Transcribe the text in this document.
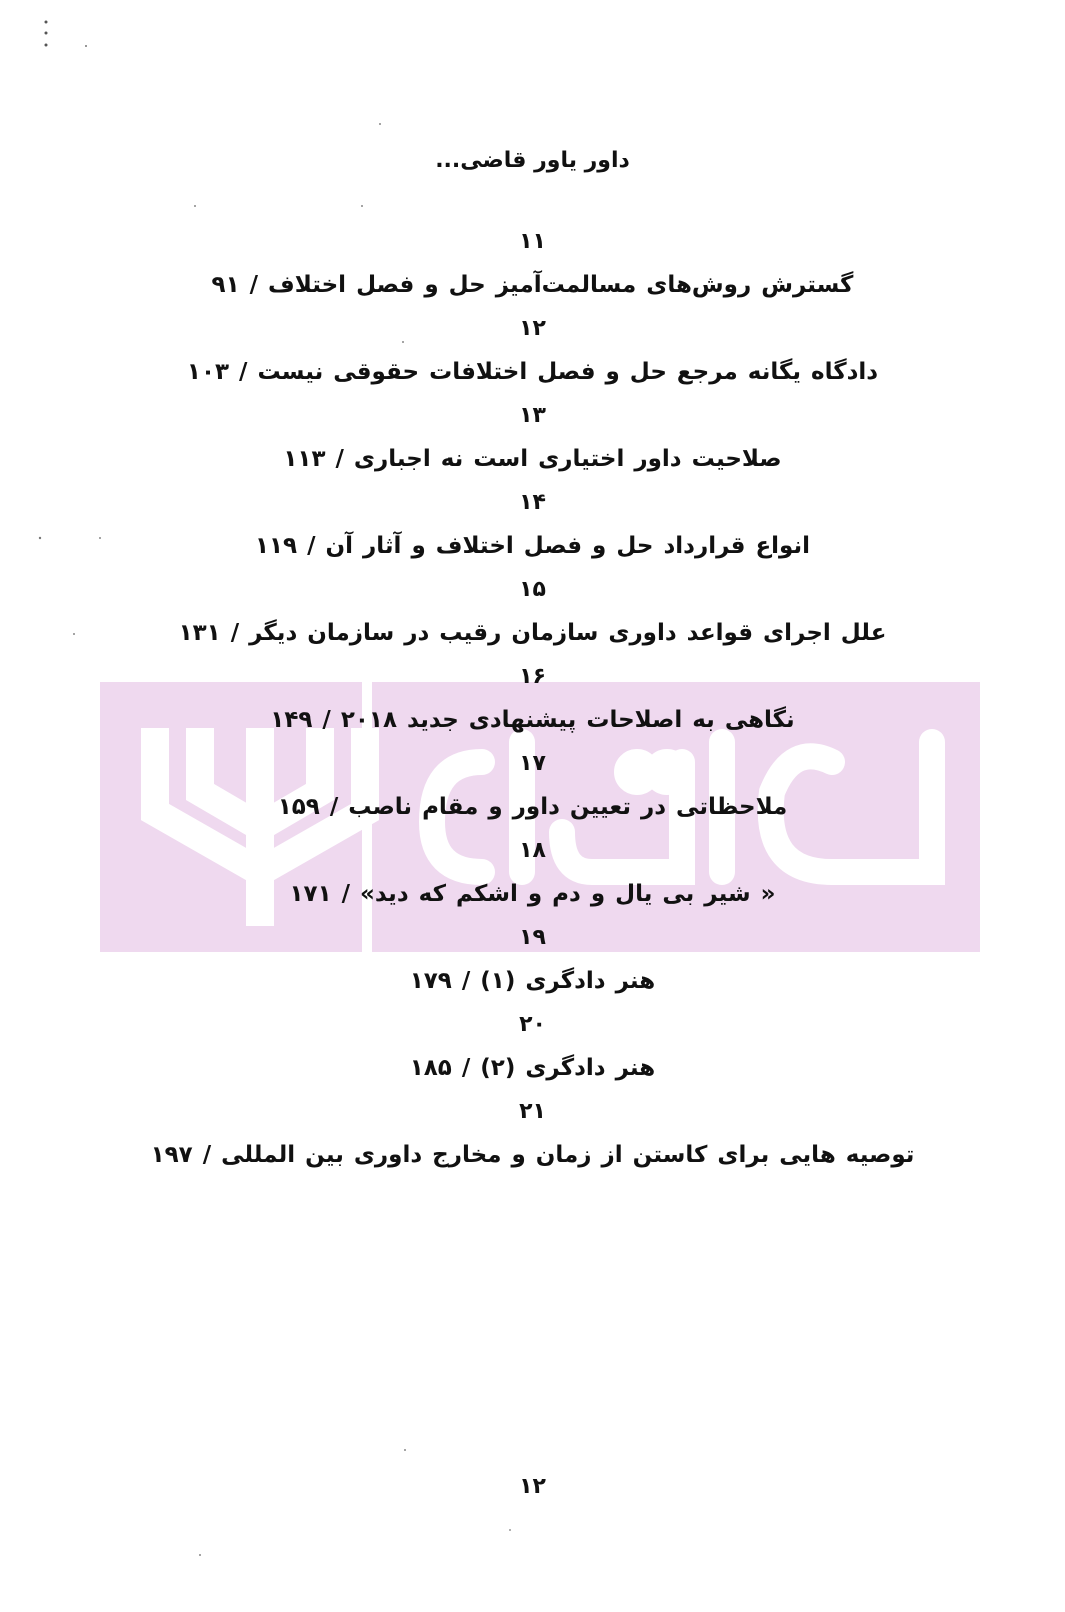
داور یاور قاضی...
۱۱
گسترش روش‌های مسالمت‌آمیز حل و فصل اختلاف / ۹۱
۱۲
دادگاه یگانه مرجع حل و فصل اختلافات حقوقی نیست / ۱۰۳
۱۳
صلاحیت داور اختیاری است نه اجباری / ۱۱۳
۱۴
انواع قرارداد حل و فصل اختلاف و آثار آن / ۱۱۹
۱۵
علل اجرای قواعد داوری سازمان رقیب در سازمان دیگر / ۱۳۱
۱۶
نگاهی به اصلاحات پیشنهادی جدید ۲۰۱۸ / ۱۴۹
۱۷
ملاحظاتی در تعیین داور و مقام ناصب / ۱۵۹
۱۸
« شیر بی یال و دم و اشکم که دید» / ۱۷۱
۱۹
هنر دادگری (۱) / ۱۷۹
۲۰
هنر دادگری (۲) / ۱۸۵
۲۱
توصیه هایی برای کاستن از زمان و مخارج داوری بین المللی / ۱۹۷
۱۲
